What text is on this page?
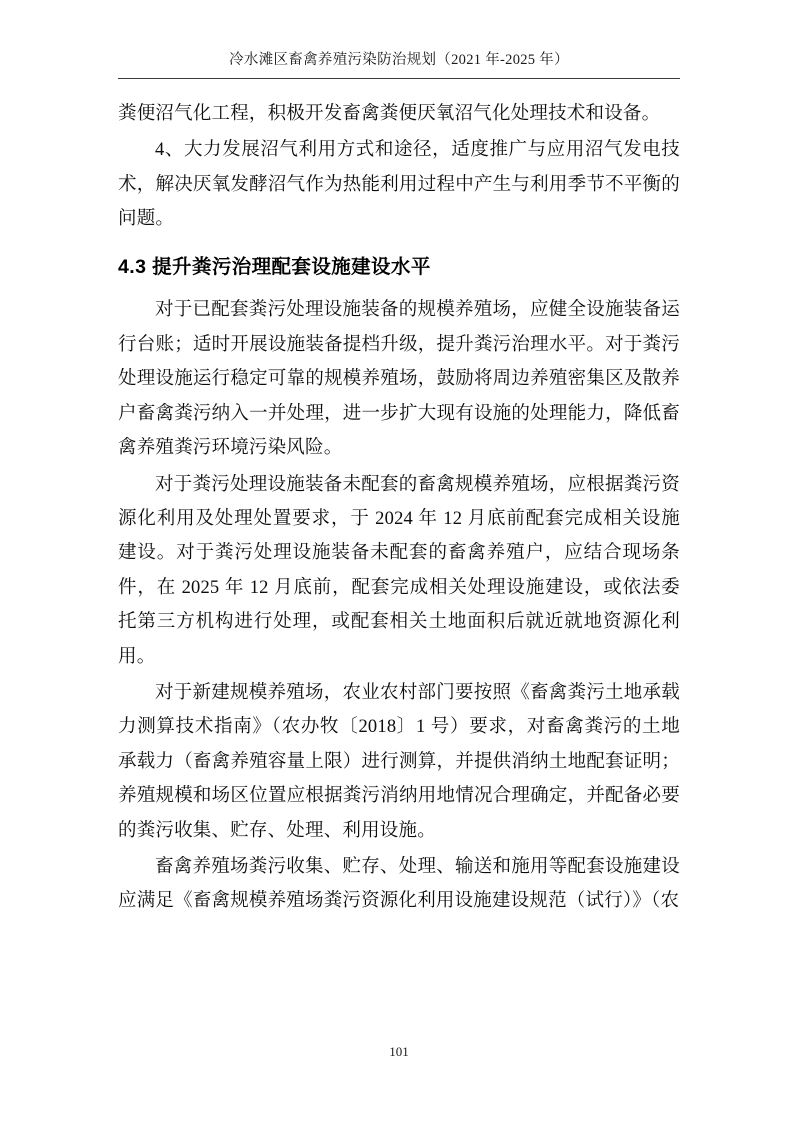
冷水滩区畜禽养殖污染防治规划（2021 年-2025 年）

粪便沼气化工程，积极开发畜禽粪便厌氧沼气化处理技术和设备。

4、大力发展沼气利用方式和途径，适度推广与应用沼气发电技术，解决厌氧发酵沼气作为热能利用过程中产生与利用季节不平衡的问题。

4.3 提升粪污治理配套设施建设水平

对于已配套粪污处理设施装备的规模养殖场，应健全设施装备运行台账；适时开展设施装备提档升级，提升粪污治理水平。对于粪污处理设施运行稳定可靠的规模养殖场，鼓励将周边养殖密集区及散养户畜禽粪污纳入一并处理，进一步扩大现有设施的处理能力，降低畜禽养殖粪污环境污染风险。

对于粪污处理设施装备未配套的畜禽规模养殖场，应根据粪污资源化利用及处理处置要求，于 2024 年 12 月底前配套完成相关设施建设。对于粪污处理设施装备未配套的畜禽养殖户，应结合现场条件，在 2025 年 12 月底前，配套完成相关处理设施建设，或依法委托第三方机构进行处理，或配套相关土地面积后就近就地资源化利用。

对于新建规模养殖场，农业农村部门要按照《畜禽粪污土地承载力测算技术指南》（农办牧〔2018〕1 号）要求，对畜禽粪污的土地承载力（畜禽养殖容量上限）进行测算，并提供消纳土地配套证明；养殖规模和场区位置应根据粪污消纳用地情况合理确定，并配备必要的粪污收集、贮存、处理、利用设施。

畜禽养殖场粪污收集、贮存、处理、输送和施用等配套设施建设应满足《畜禽规模养殖场粪污资源化利用设施建设规范（试行）》（农

101
